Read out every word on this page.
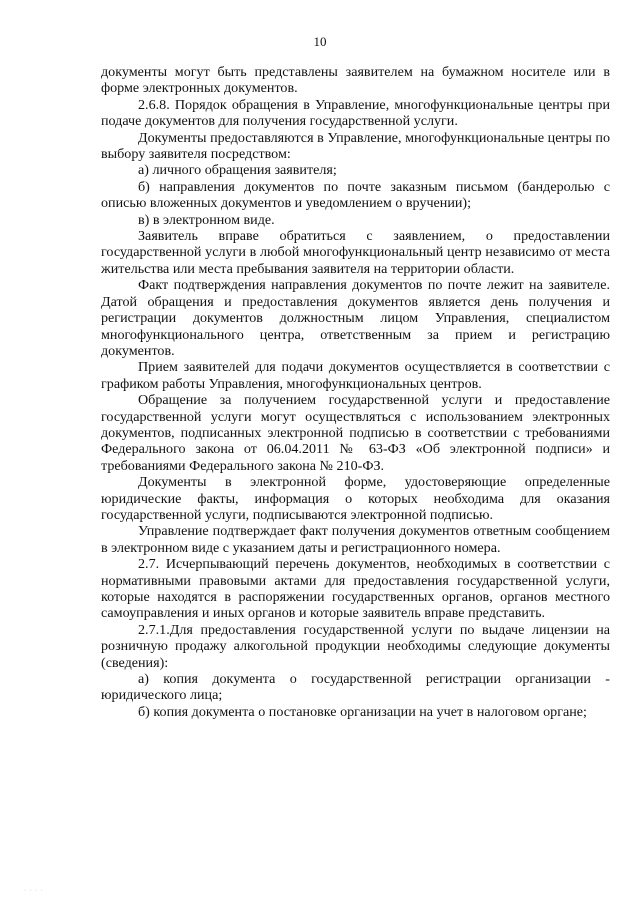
10

документы могут быть представлены заявителем на бумажном носителе или в форме электронных документов.

2.6.8. Порядок обращения в Управление, многофункциональные центры при подаче документов для получения государственной услуги.

Документы предоставляются в Управление, многофункциональные центры по выбору заявителя посредством:

а) личного обращения заявителя;

б) направления документов по почте заказным письмом (бандеролью с описью вложенных документов и уведомлением о вручении);

в) в электронном виде.

Заявитель вправе обратиться с заявлением, о предоставлении государственной услуги в любой многофункциональный центр независимо от места жительства или места пребывания заявителя на территории области.

Факт подтверждения направления документов по почте лежит на заявителе. Датой обращения и предоставления документов является день получения и регистрации документов должностным лицом Управления, специалистом многофункционального центра, ответственным за прием и регистрацию документов.

Прием заявителей для подачи документов осуществляется в соответствии с графиком работы Управления, многофункциональных центров.

Обращение за получением государственной услуги и предоставление государственной услуги могут осуществляться с использованием электронных документов, подписанных электронной подписью в соответствии с требованиями Федерального закона от 06.04.2011 № 63-ФЗ «Об электронной подписи» и требованиями Федерального закона № 210-ФЗ.

Документы в электронной форме, удостоверяющие определенные юридические факты, информация о которых необходима для оказания государственной услуги, подписываются электронной подписью.

Управление подтверждает факт получения документов ответным сообщением в электронном виде с указанием даты и регистрационного номера.

2.7. Исчерпывающий перечень документов, необходимых в соответствии с нормативными правовыми актами для предоставления государственной услуги, которые находятся в распоряжении государственных органов, органов местного самоуправления и иных органов и которые заявитель вправе представить.

2.7.1.Для предоставления государственной услуги по выдаче лицензии на розничную продажу алкогольной продукции необходимы следующие документы (сведения):

а) копия документа о государственной регистрации организации - юридического лица;

б) копия документа о постановке организации на учет в налоговом органе;

· · · ·
